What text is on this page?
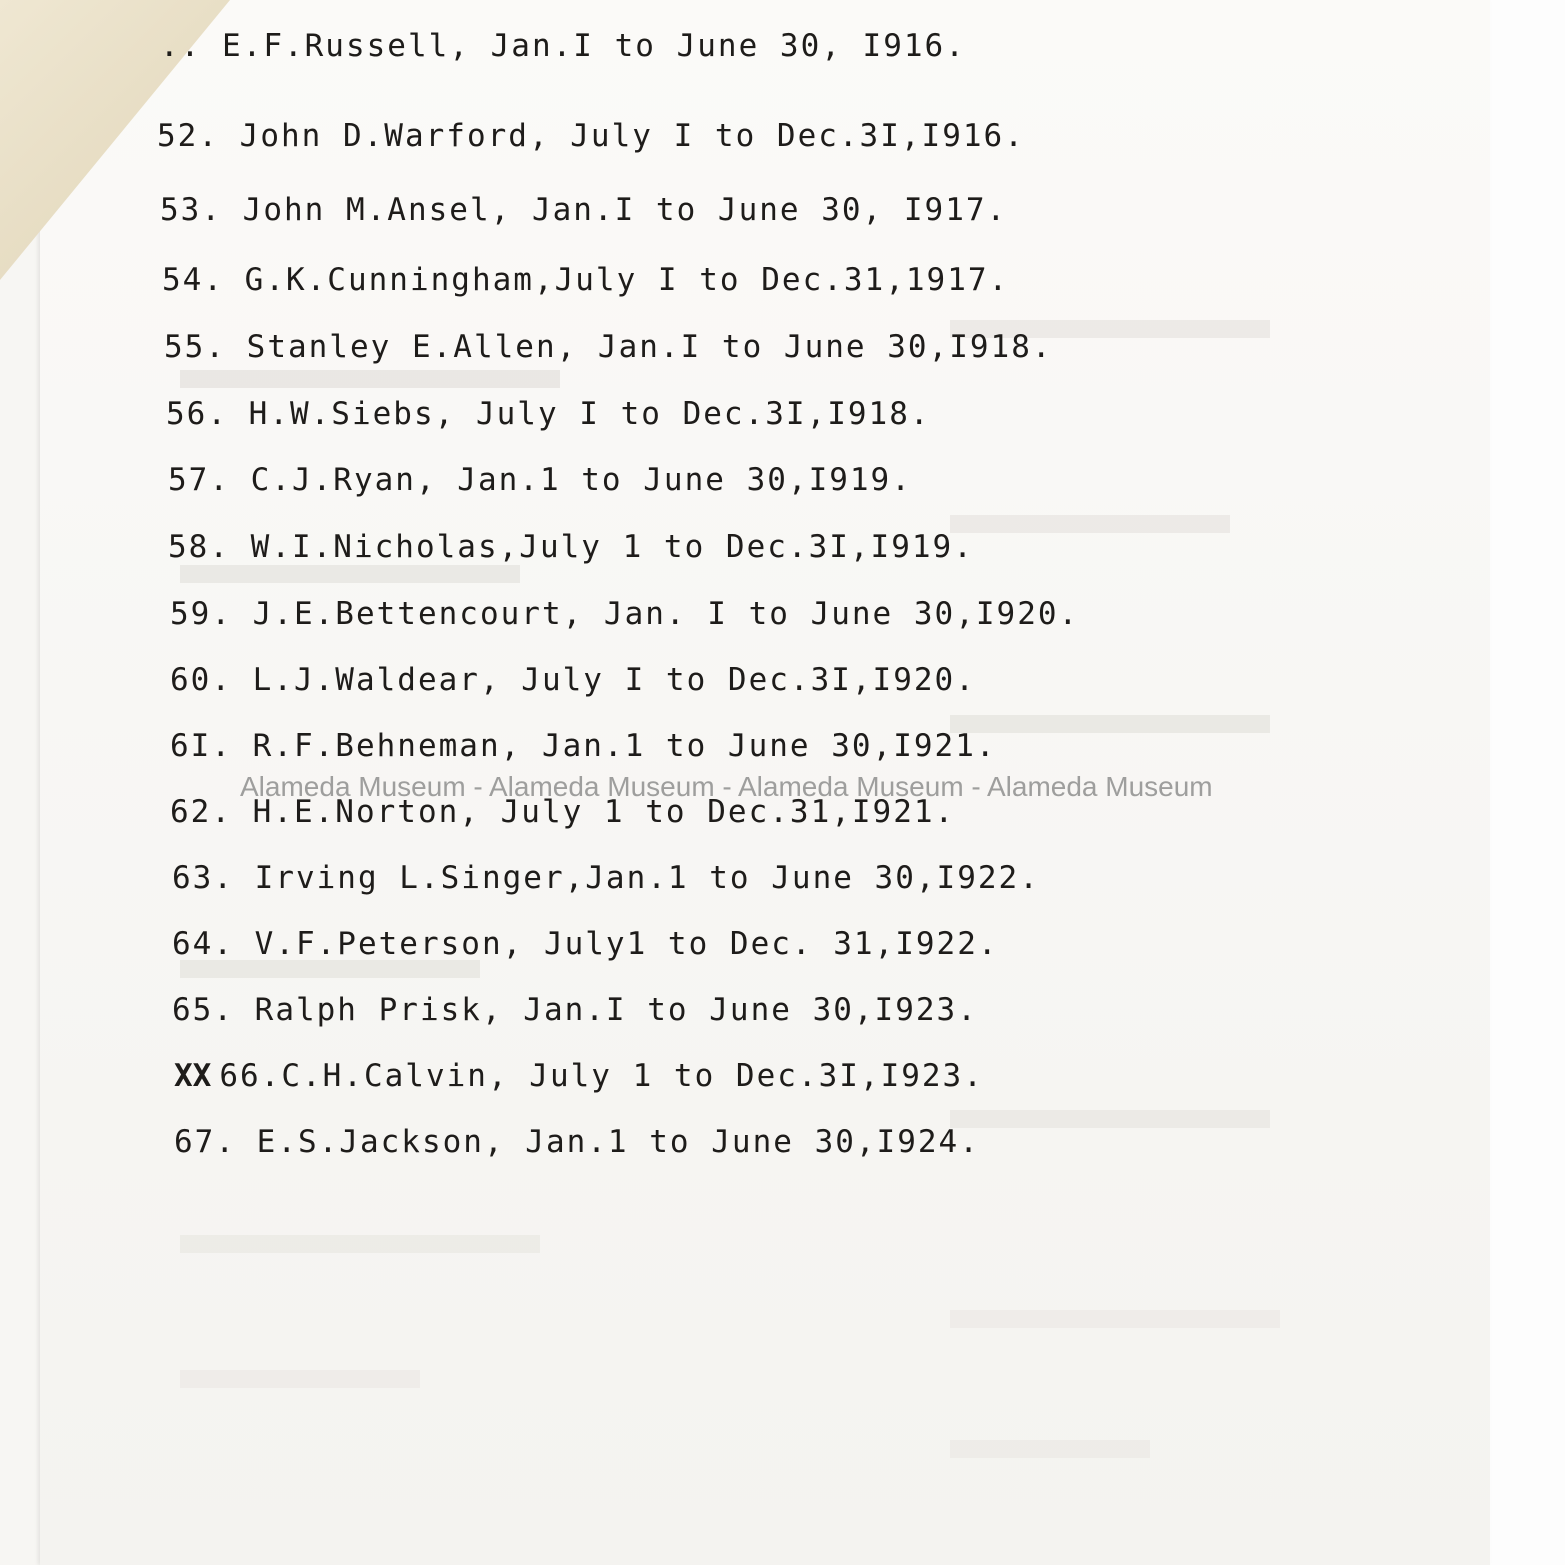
.. E.F.Russell, Jan.I to June 30, I916.
52. John D.Warford, July I to Dec.3I,I916.
53. John M.Ansel, Jan.I to June 30, I917.
54. G.K.Cunningham,July I to Dec.31,1917.
55. Stanley E.Allen, Jan.I to June 30,I918.
56. H.W.Siebs, July I to Dec.3I,I918.
57. C.J.Ryan, Jan.1 to June 30,I919.
58. W.I.Nicholas,July 1 to Dec.3I,I919.
59. J.E.Bettencourt, Jan. I to June 30,I920.
60. L.J.Waldear, July I to Dec.3I,I920.
6I. R.F.Behneman, Jan.1 to June 30,I921.
62. H.E.Norton, July 1 to Dec.31,I921.
63. Irving L.Singer,Jan.1 to June 30,I922.
64. V.F.Peterson, July1 to Dec. 31,I922.
65. Ralph Prisk, Jan.I to June 30,I923.
XX 66.C.H.Calvin, July 1 to Dec.3I,I923.
67. E.S.Jackson, Jan.1 to June 30,I924.
Alameda Museum - Alameda Museum - Alameda Museum - Alameda Museum
